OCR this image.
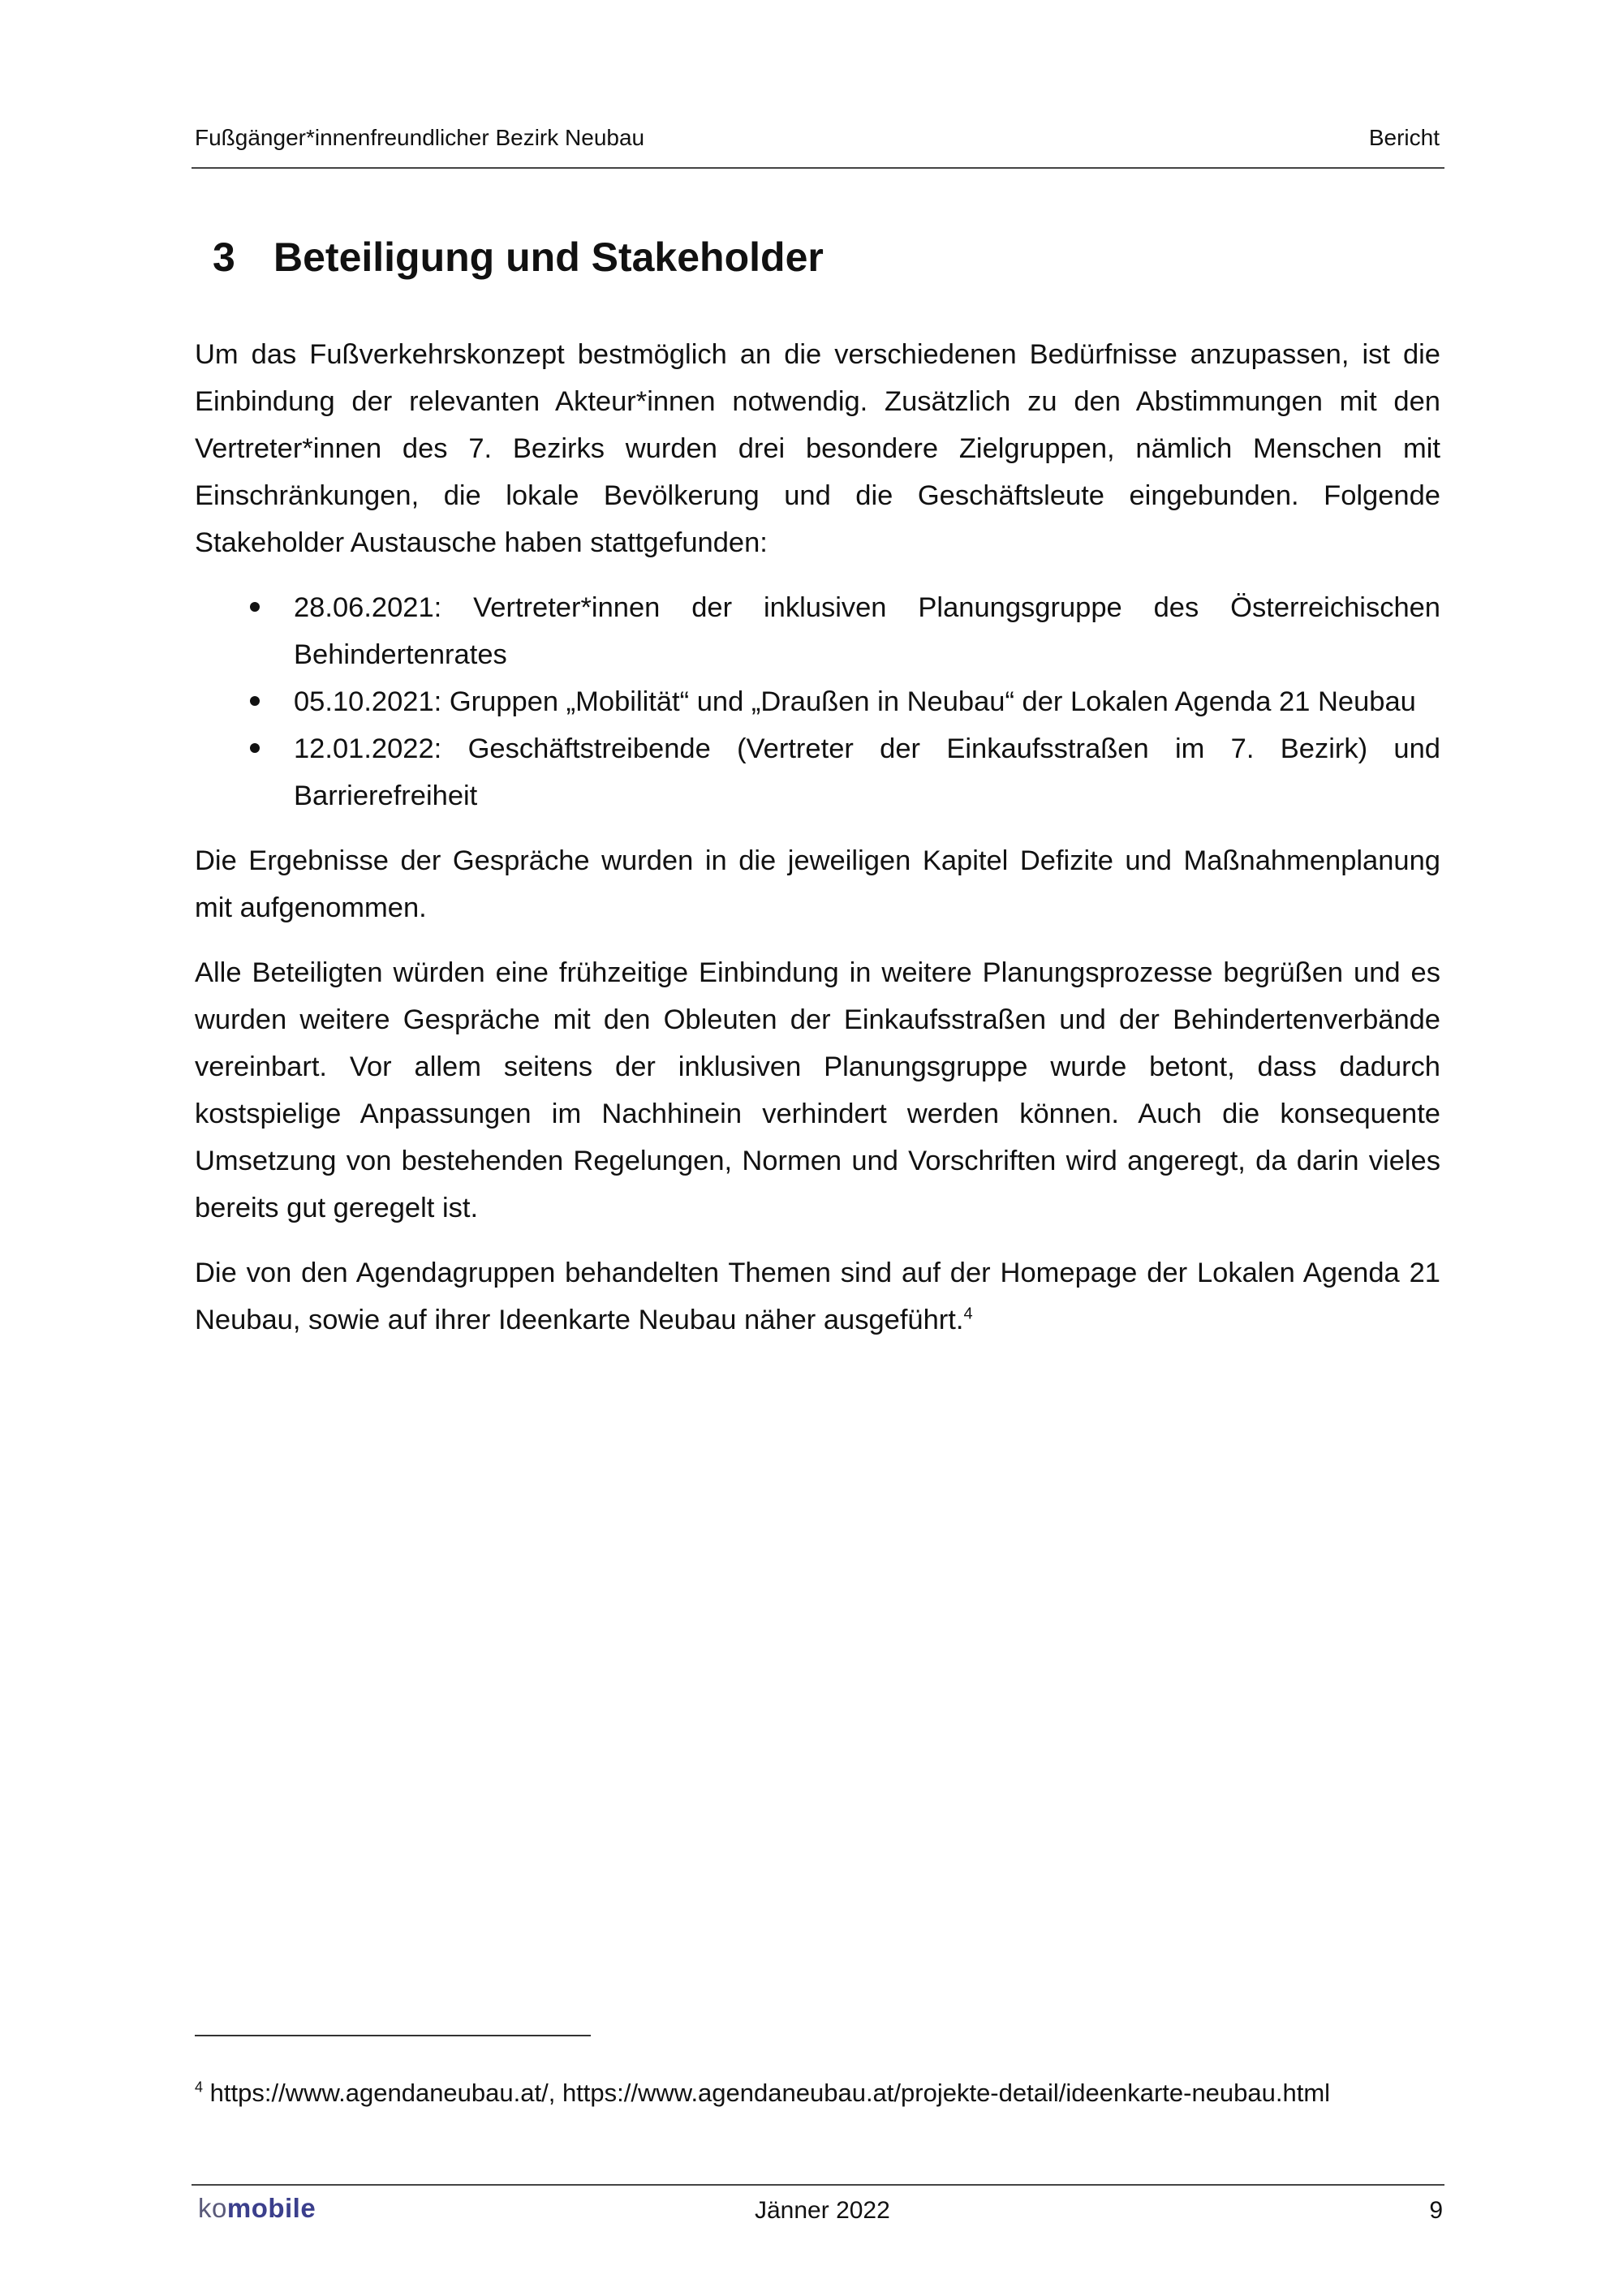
Fußgänger*innenfreundlicher Bezirk Neubau	Bericht
3 Beteiligung und Stakeholder

Um das Fußverkehrskonzept bestmöglich an die verschiedenen Bedürfnisse anzupassen, ist die Einbindung der relevanten Akteur*innen notwendig. Zusätzlich zu den Abstimmungen mit den Vertreter*innen des 7. Bezirks wurden drei besondere Zielgruppen, nämlich Menschen mit Einschränkungen, die lokale Bevölkerung und die Geschäftsleute eingebunden. Folgende Stakeholder Austausche haben stattgefunden:

28.06.2021: Vertreter*innen der inklusiven Planungsgruppe des Österreichischen Behindertenrates
05.10.2021: Gruppen „Mobilität“ und „Draußen in Neubau“ der Lokalen Agenda 21 Neubau
12.01.2022: Geschäftstreibende (Vertreter der Einkaufsstraßen im 7. Bezirk) und Barrierefreiheit

Die Ergebnisse der Gespräche wurden in die jeweiligen Kapitel Defizite und Maßnahmenplanung mit aufgenommen.

Alle Beteiligten würden eine frühzeitige Einbindung in weitere Planungsprozesse begrüßen und es wurden weitere Gespräche mit den Obleuten der Einkaufsstraßen und der Behindertenverbände vereinbart. Vor allem seitens der inklusiven Planungsgruppe wurde betont, dass dadurch kostspielige Anpassungen im Nachhinein verhindert werden können. Auch die konsequente Umsetzung von bestehenden Regelungen, Normen und Vorschriften wird angeregt, da darin vieles bereits gut geregelt ist.

Die von den Agendagruppen behandelten Themen sind auf der Homepage der Lokalen Agenda 21 Neubau, sowie auf ihrer Ideenkarte Neubau näher ausgeführt.$^4$

$^4$ https://www.agendaneubau.at/, https://www.agendaneubau.at/projekte-detail/ideenkarte-neubau.html
komobile	Jänner 2022	9
